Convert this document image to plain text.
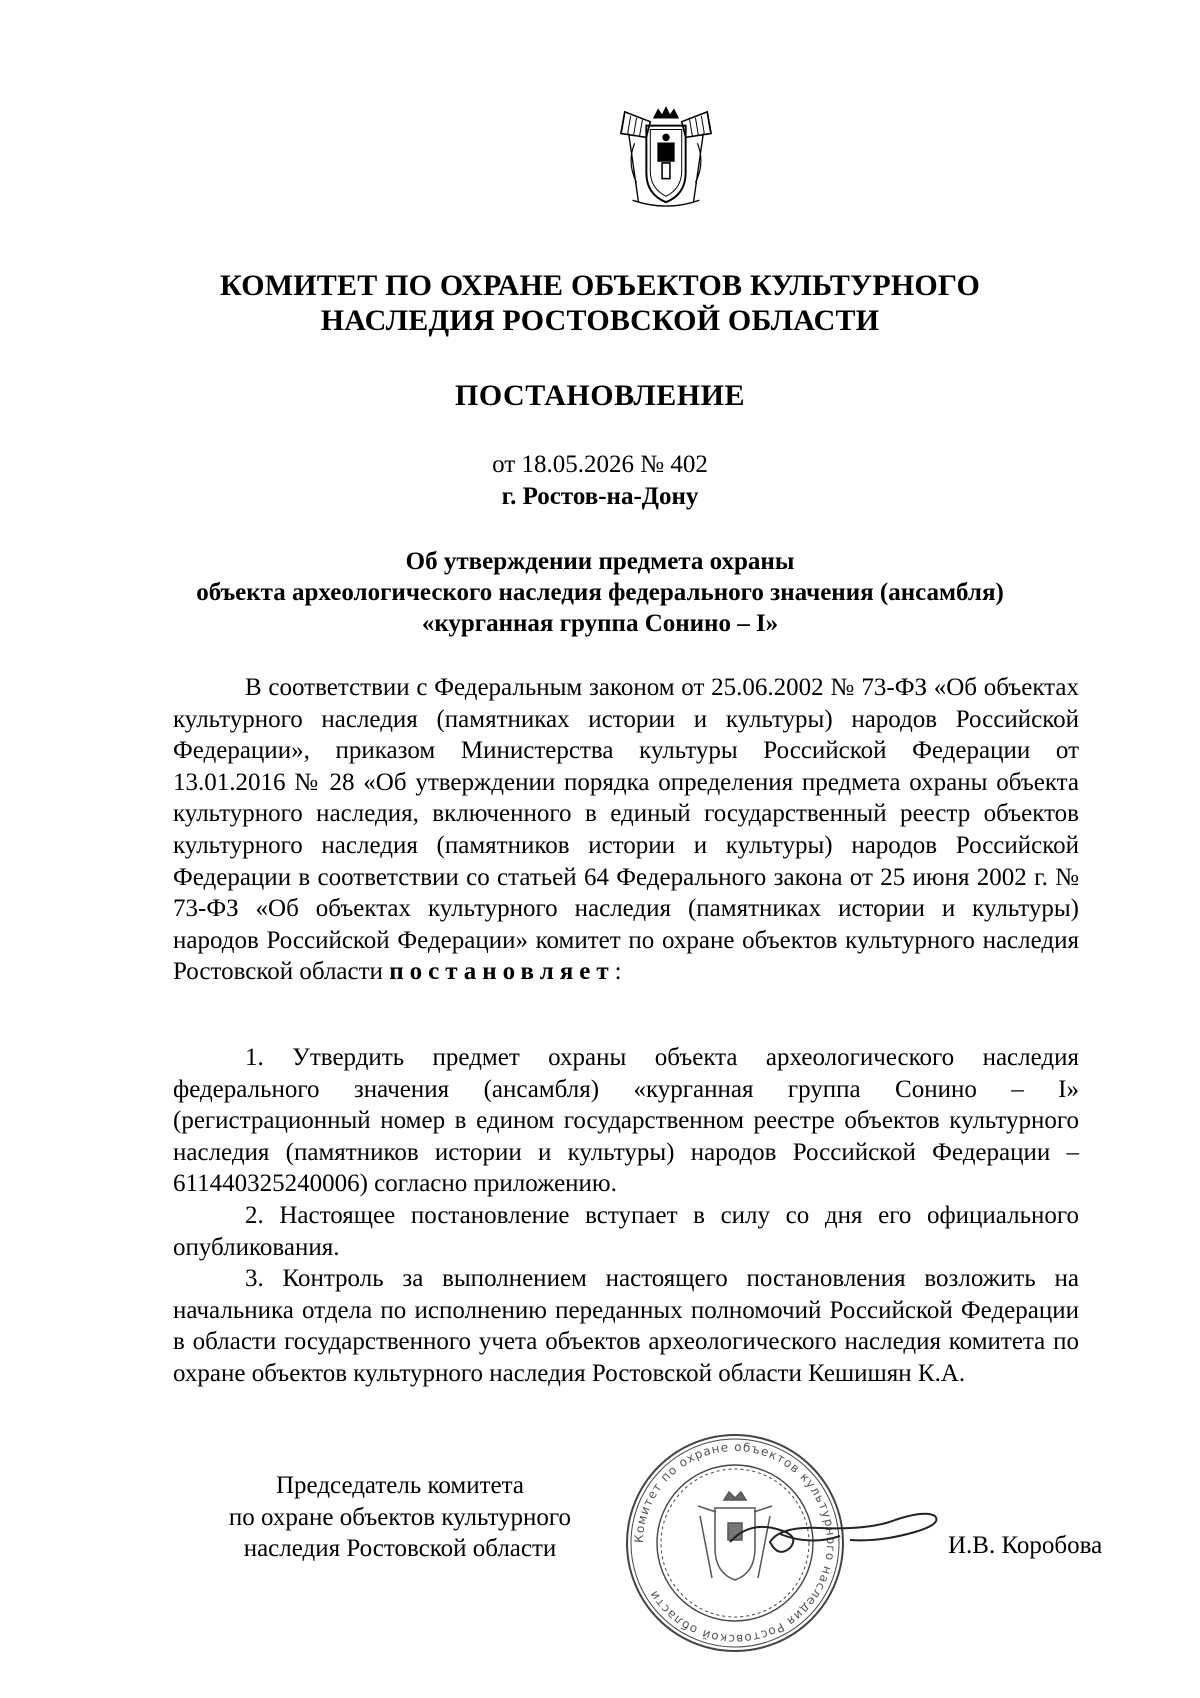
КОМИТЕТ ПО ОХРАНЕ ОБЪЕКТОВ КУЛЬТУРНОГО
НАСЛЕДИЯ РОСТОВСКОЙ ОБЛАСТИ
ПОСТАНОВЛЕНИЕ
от 18.05.2026 № 402
г. Ростов-на-Дону
Об утверждении предмета охраны
объекта археологического наследия федерального значения (ансамбля)
«курганная группа Сонино – I»

В соответствии с Федеральным законом от 25.06.2002 № 73-ФЗ «Об объектах культурного наследия (памятниках истории и культуры) народов Российской Федерации», приказом Министерства культуры Российской Федерации от 13.01.2016 № 28 «Об утверждении порядка определения предмета охраны объекта культурного наследия, включенного в единый государственный реестр объектов культурного наследия (памятников истории и культуры) народов Российской Федерации в соответствии со статьей 64 Федерального закона от 25 июня 2002 г. № 73-ФЗ «Об объектах культурного наследия (памятниках истории и культуры) народов Российской Федерации» комитет по охране объектов культурного наследия Ростовской области постановляет:

1. Утвердить предмет охраны объекта археологического наследия федерального значения (ансамбля) «курганная группа Сонино – I» (регистрационный номер в едином государственном реестре объектов культурного наследия (памятников истории и культуры) народов Российской Федерации – 611440325240006) согласно приложению.

2. Настоящее постановление вступает в силу со дня его официального опубликования.

3. Контроль за выполнением настоящего постановления возложить на начальника отдела по исполнению переданных полномочий Российской Федерации в области государственного учета объектов археологического наследия комитета по охране объектов культурного наследия Ростовской области Кешишян К.А.

Председатель комитета
по охране объектов культурного
наследия Ростовской области	Комитет по охране объектов культурного наследия Ростовской области
И.В. Коробова
